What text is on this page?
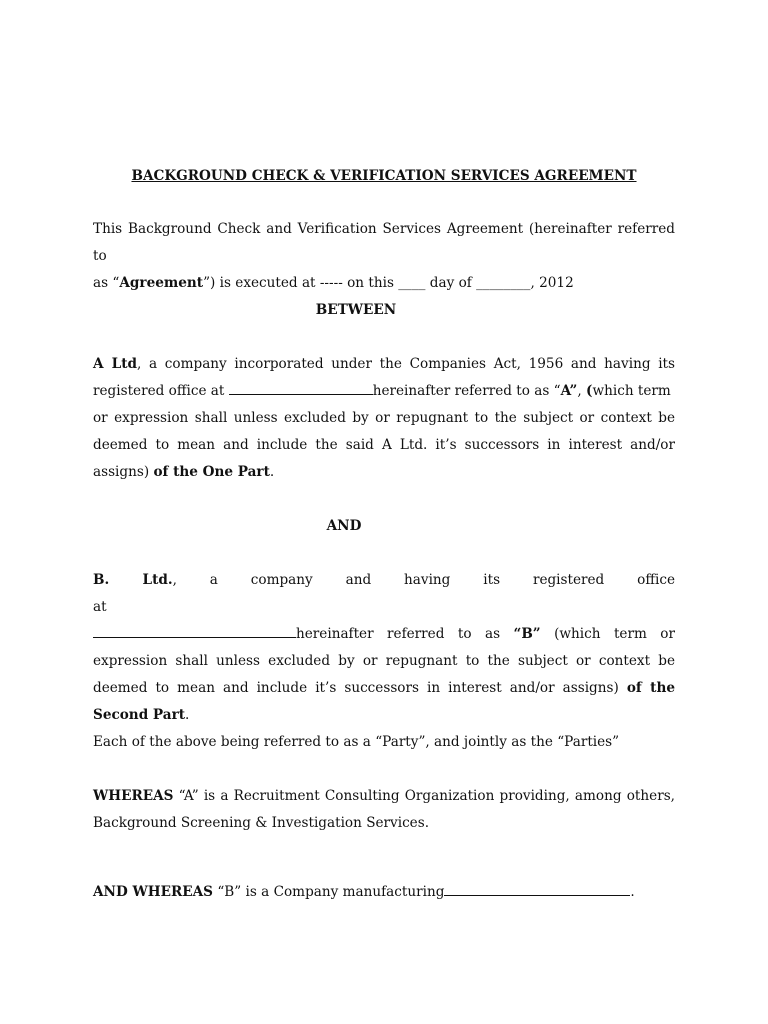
BACKGROUND CHECK & VERIFICATION SERVICES AGREEMENT
This Background Check and Verification Services Agreement (hereinafter referred to
as “Agreement”) is executed at ----- on this ____ day of ________, 2012
BETWEEN
A Ltd, a company incorporated under the Companies Act, 1956 and having its
registered office at	hereinafter referred to as “A”, (which term
or expression shall unless excluded by or repugnant to the subject or context be
deemed to mean and include the said A Ltd. it’s successors in interest and/or
assigns) of the One Part.
AND
B. Ltd., a company and having its registered office at
hereinafter referred to as “B” (which term or
expression shall unless excluded by or repugnant to the subject or context be
deemed to mean and include it’s successors in interest and/or assigns) of the
Second Part.
Each of the above being referred to as a “Party”, and jointly as the “Parties”
WHEREAS “A” is a Recruitment Consulting Organization providing, among others,
Background Screening & Investigation Services.
AND WHEREAS “B” is a Company manufacturing	.
